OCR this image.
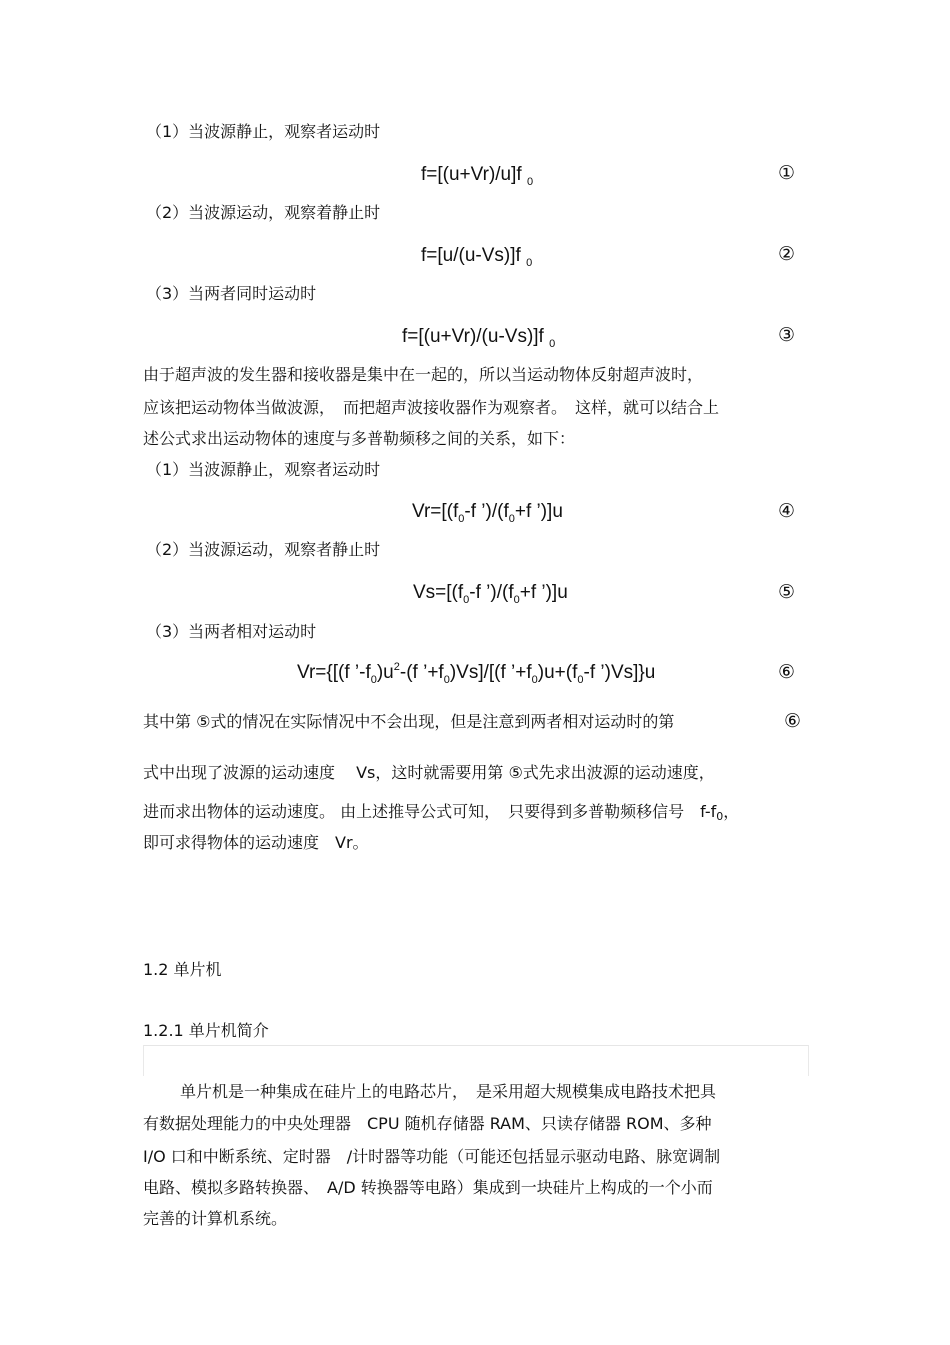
（1）当波源静止，观察者运动时
f=[(u+Vr)/u]f $_0$	①
（2）当波源运动，观察着静止时
f=[u/(u-Vs)]f $_0$	②
（3）当两者同时运动时
f=[(u+Vr)/(u-Vs)]f $_0$	③
由于超声波的发生器和接收器是集中在一起的，所以当运动物体反射超声波时，
应该把运动物体当做波源，　而把超声波接收器作为观察者。　这样，就可以结合上
述公式求出运动物体的速度与多普勒频移之间的关系，如下：
（1）当波源静止，观察者运动时
$Vr=[(f_0-f$ $’)/(f_0+f$ ’)]u	④
（2）当波源运动，观察者静止时
$Vs=[(f_0-f$ $’)/(f_0+f$ ’)]u	⑤
（3）当两者相对运动时
Vr={[(f $’-f_0)u^2-(f$ $’+f_0)Vs]/[(f$ $’+f_0)u+(f_0-f$ ’)Vs]}u	⑥
其中第 ⑤式的情况在实际情况中不会出现，但是注意到两者相对运动时的第	⑥
式中出现了波源的运动速度　 Vs，这时就需要用第 ⑤式先求出波源的运动速度，
进而求出物体的运动速度。 由上述推导公式可知，　只要得到多普勒频移信号　f-f0，
即可求得物体的运动速度　Vr。
1.2 单片机
1.2.1 单片机简介
单片机是一种集成在硅片上的电路芯片，　是采用超大规模集成电路技术把具
有数据处理能力的中央处理器　CPU 随机存储器 RAM、只读存储器 ROM、多种
I/O 口和中断系统、定时器　/计时器等功能（可能还包括显示驱动电路、脉宽调制
电路、模拟多路转换器、　A/D 转换器等电路）集成到一块硅片上构成的一个小而
完善的计算机系统。
